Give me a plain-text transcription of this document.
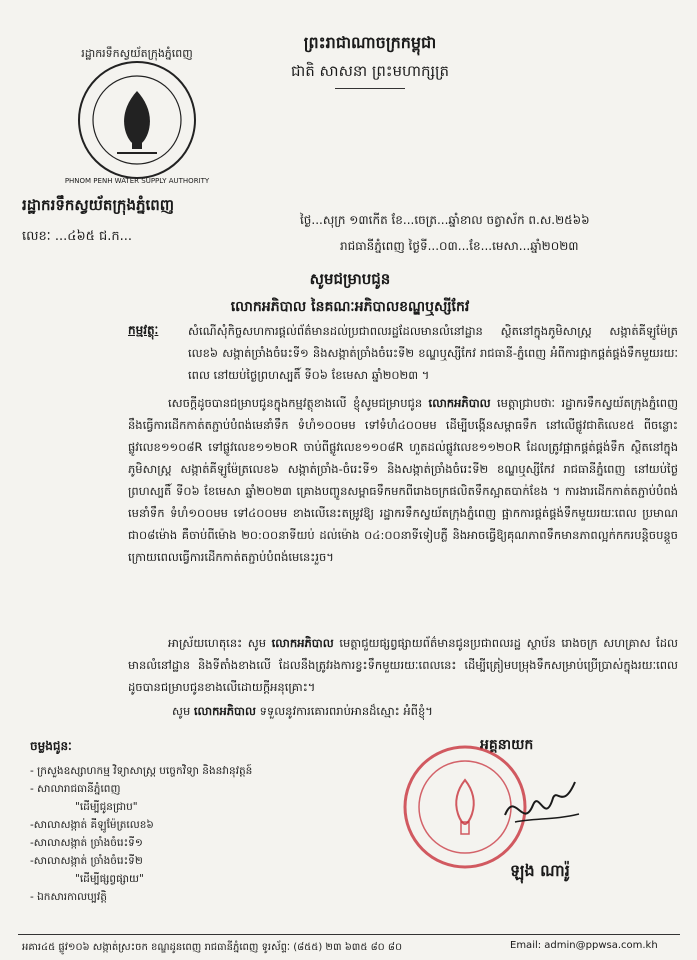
ព្រះរាជាណាចក្រកម្ពុជា
ជាតិ សាសនា ព្រះមហាក្សត្រ
រដ្ឋាករទឹកស្វយ័តក្រុងភ្នំពេញ
PHNOM PENH WATER SUPPLY AUTHORITY
រដ្ឋាករទឹកស្វយ័តក្រុងភ្នំពេញ
លេខៈ ...៤៦៥ ជ.ក...
ថ្ងៃ...សុក្រ ១៣កើត ខែ...ចេត្រ...ឆ្នាំខាល ចត្វាស័ក ព.ស.២៥៦៦
រាជធានីភ្នំពេញ ថ្ងៃទី...០៣...ខែ...មេសា...ឆ្នាំ២០២៣
សូមជម្រាបជូន
លោកអភិបាល នៃគណៈអភិបាលខណ្ឌឬស្សីកែវ
កម្មវត្ថុៈ	សំណើសុំកិច្ចសហការផ្តល់ព័ត៌មានដល់ប្រជាពលរដ្ឋដែលមានលំនៅដ្ឋាន ស្ថិតនៅក្នុងភូមិសាស្ត្រ សង្កាត់គីឡូម៉ែត្រលេខ៦ សង្កាត់ច្រាំងចំរេះទី១ និងសង្កាត់ច្រាំងចំរេះទី២ ខណ្ឌឬស្សីកែវ រាជធានី-ភ្នំពេញ អំពីការផ្អាកផ្គត់ផ្គង់ទឹកមួយរយៈពេល នៅយប់ថ្ងៃព្រហស្បតិ៍ ទី០៦ ខែមេសា ឆ្នាំ២០២៣ ។
សេចក្តីដូចបានជម្រាបជូនក្នុងកម្មវត្ថុខាងលើ ខ្ញុំសូមជម្រាបជូន លោកអភិបាល មេត្តាជ្រាបថាៈ រដ្ឋាករទឹកស្វយ័តក្រុងភ្នំពេញ នឹងធ្វើការដើកកាត់តភ្ជាប់បំពង់មេនាំទឹក ទំហំ១០០មម ទៅទំហំ៤០០មម ដើម្បីបង្កើនសម្ពាធទឹក នៅលើផ្លូវជាតិលេខ៥ ពីចន្លោះផ្លូវលេខ១១០៨R ទៅផ្លូវលេខ១១២០R ចាប់ពីផ្លូវលេខ១១០៨R ហួតដល់ផ្លូវលេខ១១២០R ដែលត្រូវផ្អាកផ្គត់ផ្គង់ទឹក ស្ថិតនៅក្នុងភូមិសាស្ត្រ សង្កាត់គីឡូម៉ែត្រលេខ៦ សង្កាត់ច្រាំង-ចំរេះទី១ និងសង្កាត់ច្រាំងចំរេះទី២ ខណ្ឌឬស្សីកែវ រាជធានីភ្នំពេញ នៅយប់ថ្ងៃព្រហស្បតិ៍ ទី០៦ ខែមេសា ឆ្នាំ២០២៣ គ្រោងបញ្ចូនសម្ពាធទឹកមកពីរោងចក្រផលិតទឹកស្អាតបាក់ខែង ។ ការងារដើកកាត់តភ្ជាប់បំពង់មេនាំទឹក ទំហំ១០០មម ទៅ៤០០មម ខាងលើនេះតម្រូវឱ្យ រដ្ឋាករទឹកស្វយ័តក្រុងភ្នំពេញ ផ្អាកការផ្គត់ផ្គង់ទឹកមួយរយៈពេល ប្រមាណជា០៨ម៉ោង គឺចាប់ពីម៉ោង ២០:០០នាទីយប់ ដល់ម៉ោង ០៤:០០នាទីទៀបភ្លឺ និងអាចធ្វើឱ្យគុណភាពទឹកមានភាពល្អក់កករបន្តិចបន្តួចក្រោយពេលធ្វើការដើកកាត់តភ្ជាប់បំពង់មេនេះរួច។
អាស្រ័យហេតុនេះ សូម លោកអភិបាល មេត្តាជួយផ្សព្វផ្សាយព័ត៌មានជូនប្រជាពលរដ្ឋ ស្ថាប័ន រោងចក្រ សហគ្រាស ដែលមានលំនៅដ្ឋាន និងទីតាំងខាងលើ ដែលនឹងត្រូវរងការខ្វះទឹកមួយរយៈពេលនេះ ដើម្បីត្រៀមបម្រុងទឹកសម្រាប់ប្រើប្រាស់ក្នុងរយៈពេលដូចបានជម្រាបជូនខាងលើដោយក្តីអនុគ្រោះ។
សូម លោកអភិបាល ទទួលនូវការគោរពរាប់អានដ៏ស្មោះ អំពីខ្ញុំ។
អគ្គនាយក
ឡុង ណារ៉ូ
ចម្លងជូនៈ
- ក្រសួងឧស្សាហកម្ម វិទ្យាសាស្ត្រ បច្ចេកវិទ្យា និងនវានុវត្តន៍
- សាលារាជធានីភ្នំពេញ
"ដើម្បីជូនជ្រាប"
-សាលាសង្កាត់ គីឡូម៉ែត្រលេខ៦
-សាលាសង្កាត់ ច្រាំងចំរេះទី១
-សាលាសង្កាត់ ច្រាំងចំរេះទី២
"ដើម្បីផ្សព្វផ្សាយ"
- ឯកសារកាលប្បវត្តិ
អគារ៤៥ ផ្លូវ១០៦ សង្កាត់ស្រះចក ខណ្ឌដូនពេញ រាជធានីភ្នំពេញ ទូរស័ព្ទៈ (៨៥៥) ២៣ ៦៣៥ ៨០ ៨០	Email: admin@ppwsa.com.kh
